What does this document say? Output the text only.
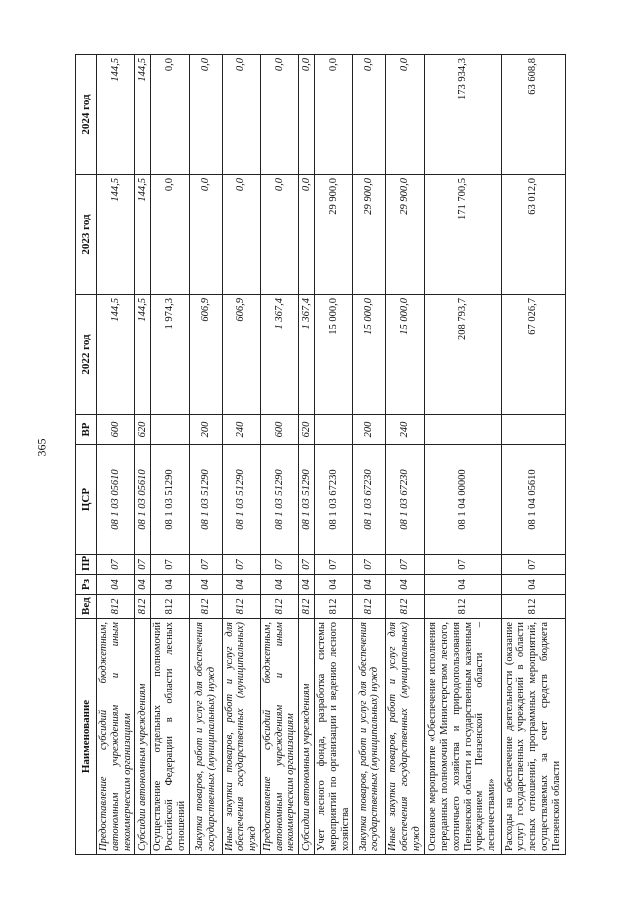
365
Наименование	Вед	Рз	ПР	ЦСР	ВР	2022 год	2023 год	2024 год
Предоставление субсидий бюджетным, автономным учреждениям и иным некоммерческим организациям	812	04	07	08 1 03 05610	600	144,5	144,5	144,5
Субсидии автономным учреждениям	812	04	07	08 1 03 05610	620	144,5	144,5	144,5
Осуществление отдельных полномочий Российской Федерации в области лесных отношений	812	04	07	08 1 03 51290		1 974,3	0,0	0,0
Закупка товаров, работ и услуг для обеспечения государственных (муниципальных) нужд	812	04	07	08 1 03 51290	200	606,9	0,0	0,0
Иные закупки товаров, работ и услуг для обеспечения государственных (муниципальных) нужд	812	04	07	08 1 03 51290	240	606,9	0,0	0,0
Предоставление субсидий бюджетным, автономным учреждениям и иным некоммерческим организациям	812	04	07	08 1 03 51290	600	1 367,4	0,0	0,0
Субсидии автономным учреждениям	812	04	07	08 1 03 51290	620	1 367,4	0,0	0,0
Учет лесного фонда, разработка системы мероприятий по организации и ведению лесного хозяйства	812	04	07	08 1 03 67230		15 000,0	29 900,0	0,0
Закупка товаров, работ и услуг для обеспечения государственных (муниципальных) нужд	812	04	07	08 1 03 67230	200	15 000,0	29 900,0	0,0
Иные закупки товаров, работ и услуг для обеспечения государственных (муниципальных) нужд	812	04	07	08 1 03 67230	240	15 000,0	29 900,0	0,0
Основное мероприятие «Обеспечение исполнения переданных полномочий Министерством лесного, охотничьего хозяйства и природопользования Пензенской области и государственным казенным учреждением Пензенской области – лесничествами»	812	04	07	08 1 04 00000		208 793,7	171 700,5	173 934,3
Расходы на обеспечение деятельности (оказание услуг) государственных учреждений в области лесных отношений, программных мероприятий, осуществляемых за счет средств бюджета Пензенской области	812	04	07	08 1 04 05610		67 026,7	63 012,0	63 608,8
